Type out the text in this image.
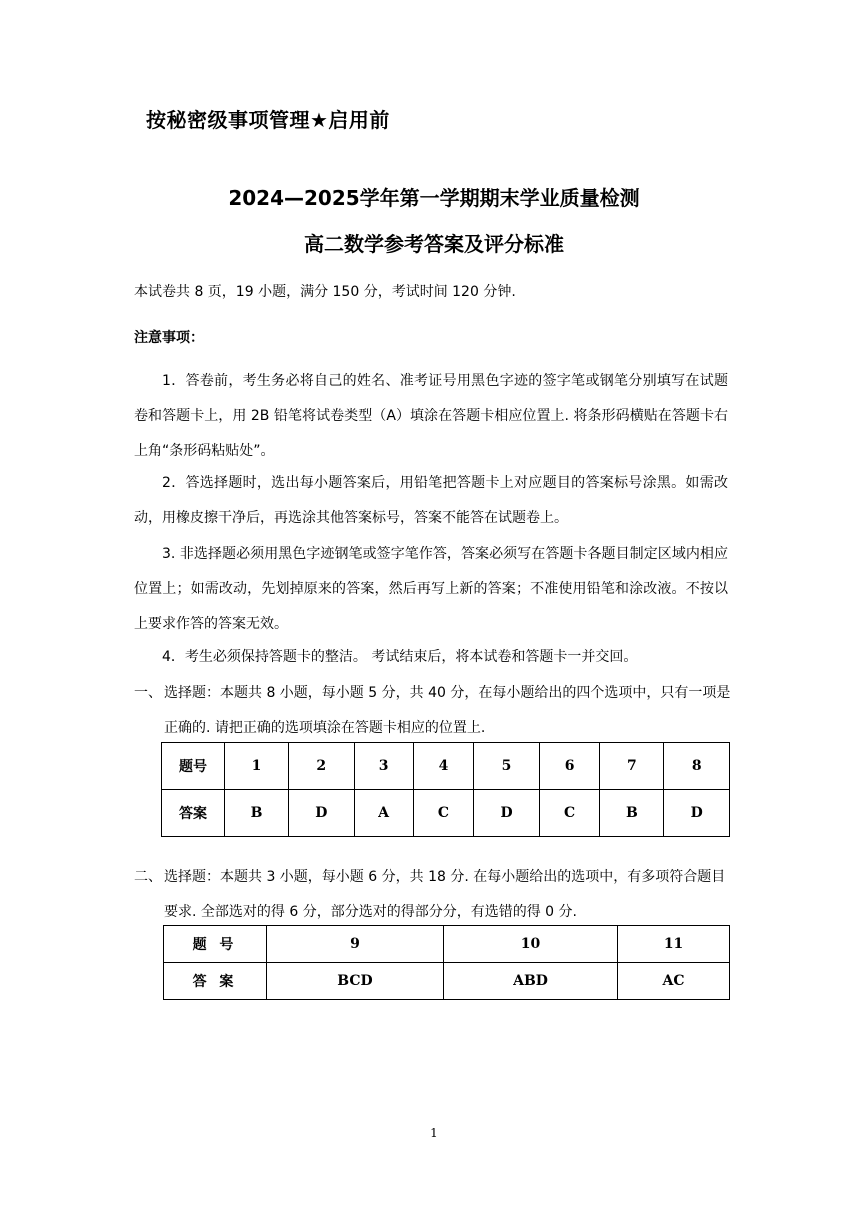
按秘密级事项管理★启用前
2024—2025学年第一学期期末学业质量检测
高二数学参考答案及评分标准
本试卷共 8 页，19 小题，满分 150 分，考试时间 120 分钟.
注意事项：
1．答卷前，考生务必将自己的姓名、准考证号用黑色字迹的签字笔或钢笔分别填写在试题卷和答题卡上，用 2B 铅笔将试卷类型（A）填涂在答题卡相应位置上. 将条形码横贴在答题卡右上角“条形码粘贴处”。
2．答选择题时，选出每小题答案后，用铅笔把答题卡上对应题目的答案标号涂黑。如需改动，用橡皮擦干净后，再选涂其他答案标号，答案不能答在试题卷上。
3. 非选择题必须用黑色字迹钢笔或签字笔作答，答案必须写在答题卡各题目制定区域内相应位置上；如需改动，先划掉原来的答案，然后再写上新的答案；不准使用铅笔和涂改液。不按以上要求作答的答案无效。
4．考生必须保持答题卡的整洁。 考试结束后，将本试卷和答题卡一并交回。
一、 选择题：本题共 8 小题，每小题 5 分，共 40 分，在每小题给出的四个选项中，只有一项是正确的. 请把正确的选项填涂在答题卡相应的位置上.
题号	1	2	3	4	5	6	7	8
答案	B	D	A	C	D	C	B	D
二、 选择题：本题共 3 小题，每小题 6 分，共 18 分. 在每小题给出的选项中，有多项符合题目要求. 全部选对的得 6 分，部分选对的得部分分，有选错的得 0 分.
题 号	9	10	11
答 案	BCD	ABD	AC
1
